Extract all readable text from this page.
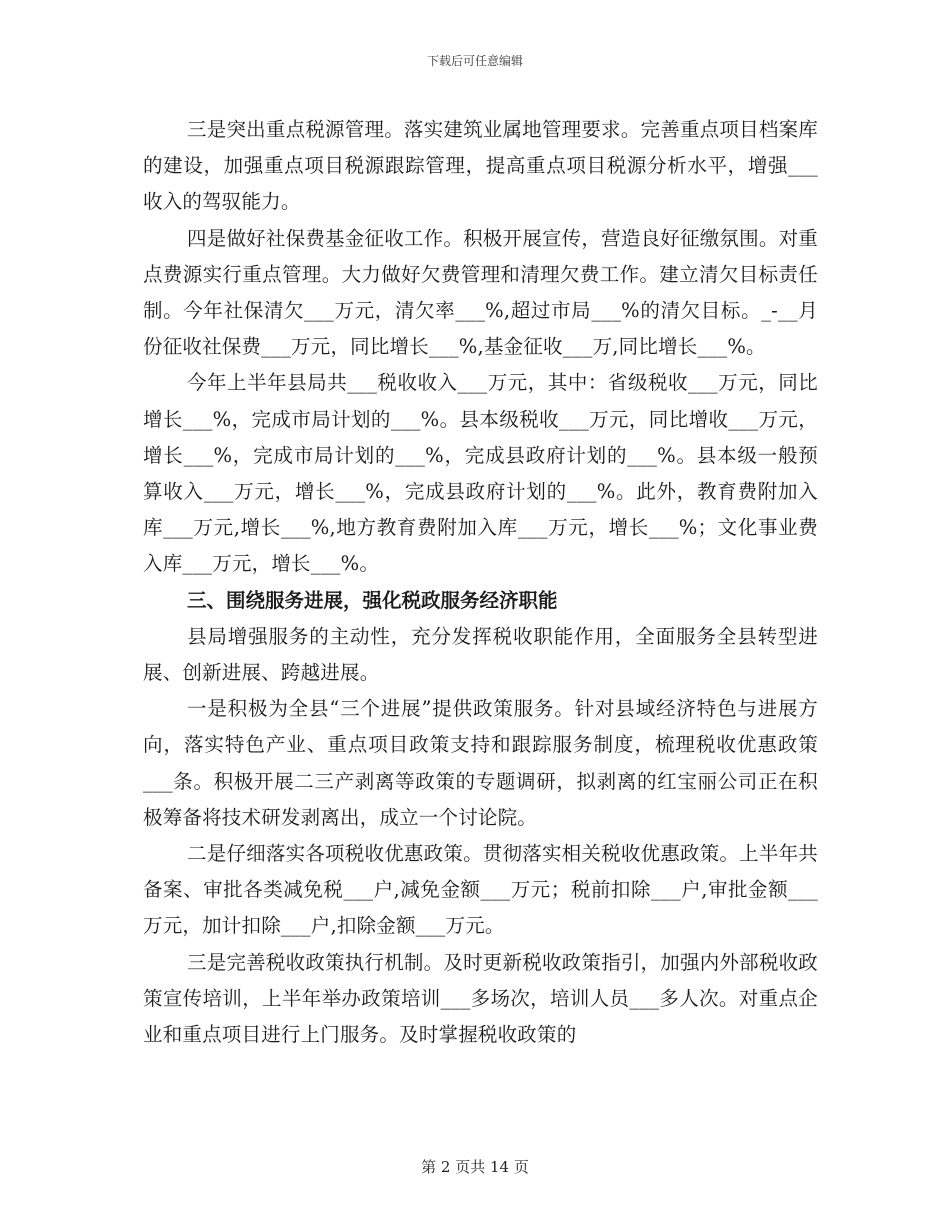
下载后可任意编辑

三是突出重点税源管理。落实建筑业属地管理要求。完善重点项目档案库的建设，加强重点项目税源跟踪管理，提高重点项目税源分析水平，增强___收入的驾驭能力。

四是做好社保费基金征收工作。积极开展宣传，营造良好征缴氛围。对重点费源实行重点管理。大力做好欠费管理和清理欠费工作。建立清欠目标责任制。今年社保清欠___万元，清欠率___%,超过市局___%的清欠目标。_-__月份征收社保费___万元，同比增长___%,基金征收___万,同比增长___%。

今年上半年县局共___税收收入___万元，其中：省级税收___万元，同比增长___%，完成市局计划的___%。县本级税收___万元，同比增收___万元，增长___%，完成市局计划的___%，完成县政府计划的___%。县本级一般预算收入___万元，增长___%，完成县政府计划的___%。此外，教育费附加入库___万元,增长___%,地方教育费附加入库___万元，增长___%；文化事业费入库___万元，增长___%。

三、围绕服务进展，强化税政服务经济职能

县局增强服务的主动性，充分发挥税收职能作用，全面服务全县转型进展、创新进展、跨越进展。

一是积极为全县“三个进展”提供政策服务。针对县域经济特色与进展方向，落实特色产业、重点项目政策支持和跟踪服务制度，梳理税收优惠政策___条。积极开展二三产剥离等政策的专题调研，拟剥离的红宝丽公司正在积极筹备将技术研发剥离出，成立一个讨论院。

二是仔细落实各项税收优惠政策。贯彻落实相关税收优惠政策。上半年共备案、审批各类减免税___户,减免金额___万元；税前扣除___户,审批金额___万元，加计扣除___户,扣除金额___万元。

三是完善税收政策执行机制。及时更新税收政策指引，加强内外部税收政策宣传培训，上半年举办政策培训___多场次，培训人员___多人次。对重点企业和重点项目进行上门服务。及时掌握税收政策的

第 2 页共 14 页
